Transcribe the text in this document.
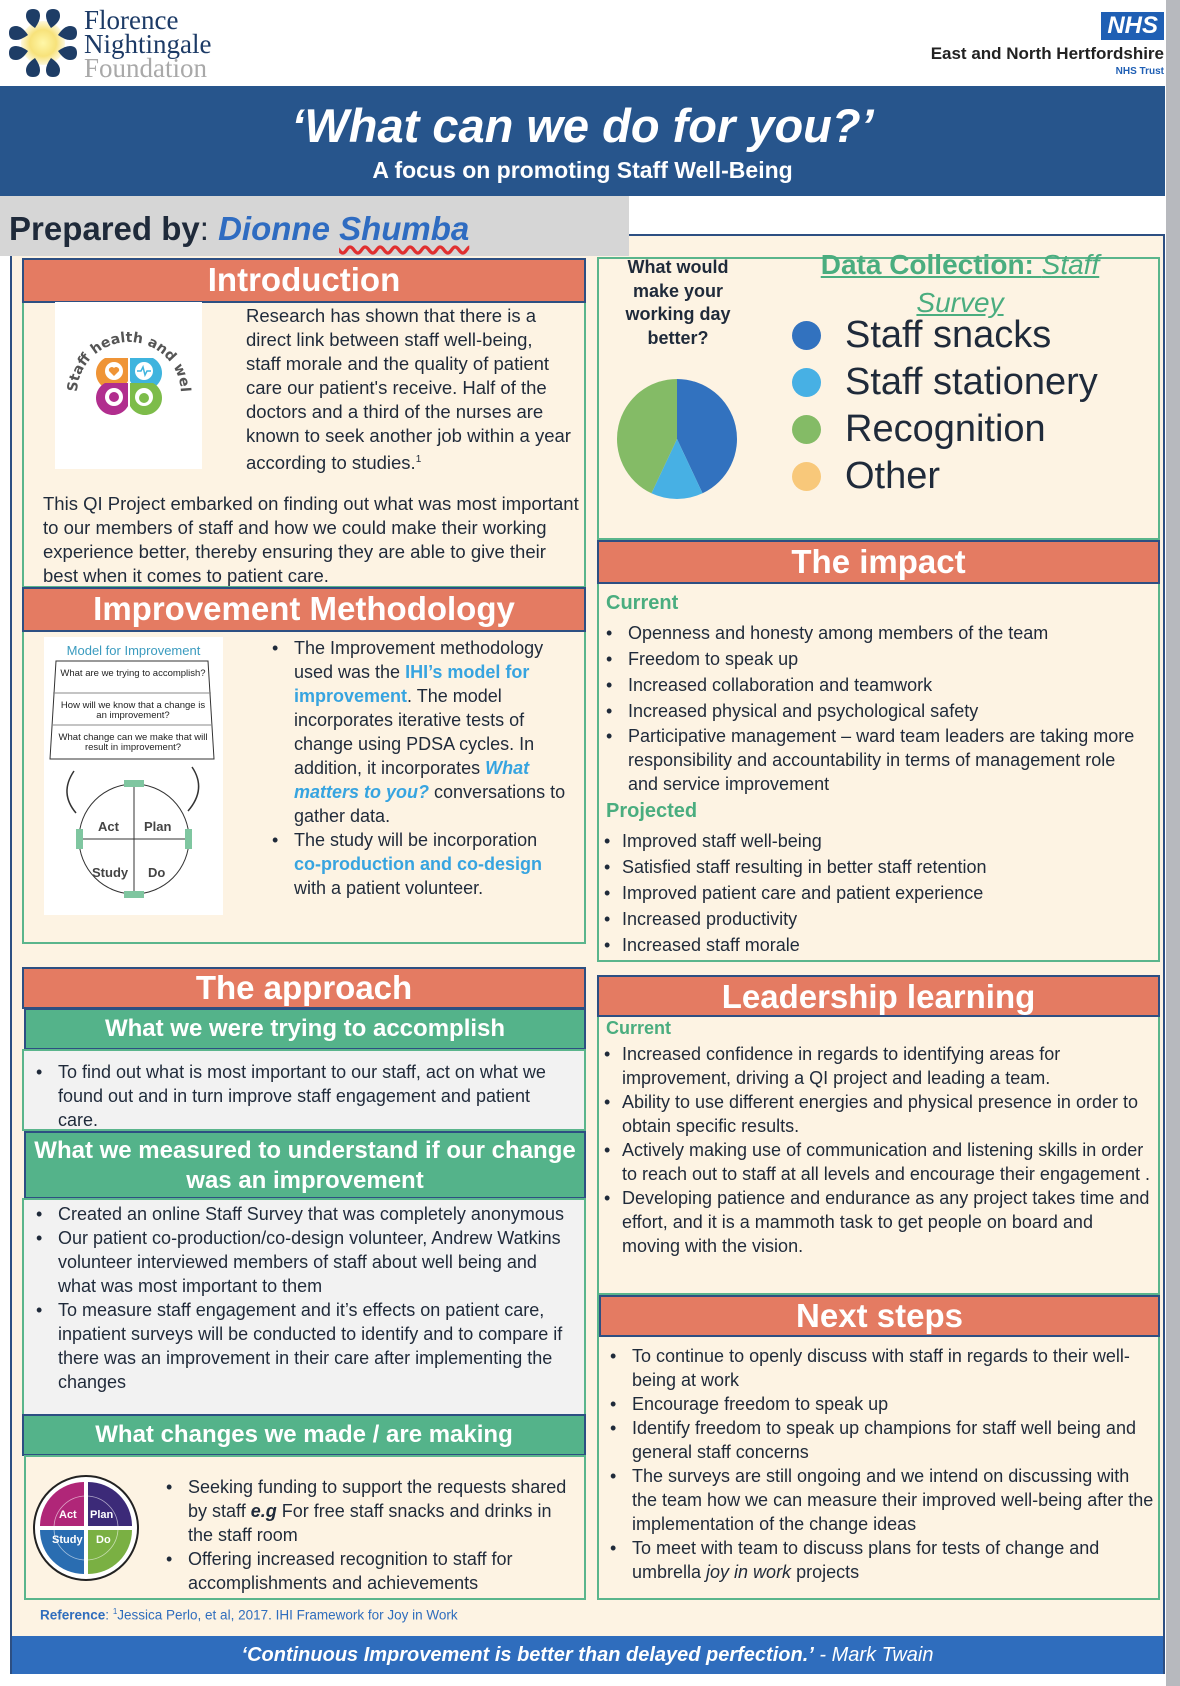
Florence
Nightingale
Foundation
NHS
East and North Hertfordshire
NHS Trust
‘What can we do for you?’
A focus on promoting Staff Well-Being
Prepared by: Dionne Shumba
Introduction
Staff health and wel
Research has shown that there is a direct link between staff well-being, staff morale and the quality of patient care our patient's receive. Half of the doctors and a third of the nurses are known to seek another job within a year according to studies.$^1$
This QI Project embarked on finding out what was most important to our members of staff and how we could make their working experience better, thereby ensuring they are able to give their best when it comes to patient care.
Improvement Methodology
Model for Improvement
What are we trying to accomplish?
How will we know that a change is an improvement?
What change can we make that will result in improvement?
Act Plan
Study Do
• The Improvement methodology used was the IHI’s model for improvement. The model incorporates iterative tests of change using PDSA cycles. In addition, it incorporates What matters to you? conversations to gather data.
• The study will be incorporation co-production and co-design with a patient volunteer.
The approach
What we were trying to accomplish
• To find out what is most important to our staff, act on what we found out and in turn improve staff engagement and patient care.
What we measured to understand if our change was an improvement
• Created an online Staff Survey that was completely anonymous
• Our patient co-production/co-design volunteer, Andrew Watkins volunteer interviewed members of staff about well being and what was most important to them
• To measure staff engagement and it’s effects on patient care, inpatient surveys will be conducted to identify and to compare if there was an improvement in their care after implementing the changes
What changes we made / are making
Act Plan
Study Do
• Seeking funding to support the requests shared by staff e.g For free staff snacks and drinks in the staff room
• Offering increased recognition to staff for accomplishments and achievements
Reference: $^1$Jessica Perlo, et al, 2017. IHI Framework for Joy in Work
What would make your working day better?
Data Collection: Staff
Survey
Staff snacks
Staff stationery
Recognition
Other
The impact
Current
• Openness and honesty among members of the team
• Freedom to speak up
• Increased collaboration and teamwork
• Increased physical and psychological safety
• Participative management – ward team leaders are taking more responsibility and accountability in terms of management role and service improvement
Projected
• Improved staff well-being
• Satisfied staff resulting in better staff retention
• Improved patient care and patient experience
• Increased productivity
• Increased staff morale
Leadership learning
Current
• Increased confidence in regards to identifying areas for improvement, driving a QI project and leading a team.
• Ability to use different energies and physical presence in order to obtain specific results.
• Actively making use of communication and listening skills in order to reach out to staff at all levels and encourage their engagement .
• Developing patience and endurance as any project takes time and effort, and it is a mammoth task to get people on board and moving with the vision.
Next steps
• To continue to openly discuss with staff in regards to their well-being at work
• Encourage freedom to speak up
• Identify freedom to speak up champions for staff well being and general staff concerns
• The surveys are still ongoing and we intend on discussing with the team how we can measure their improved well-being after the implementation of the change ideas
• To meet with team to discuss plans for tests of change and umbrella joy in work projects
‘Continuous Improvement is better than delayed perfection.’ - Mark Twain
